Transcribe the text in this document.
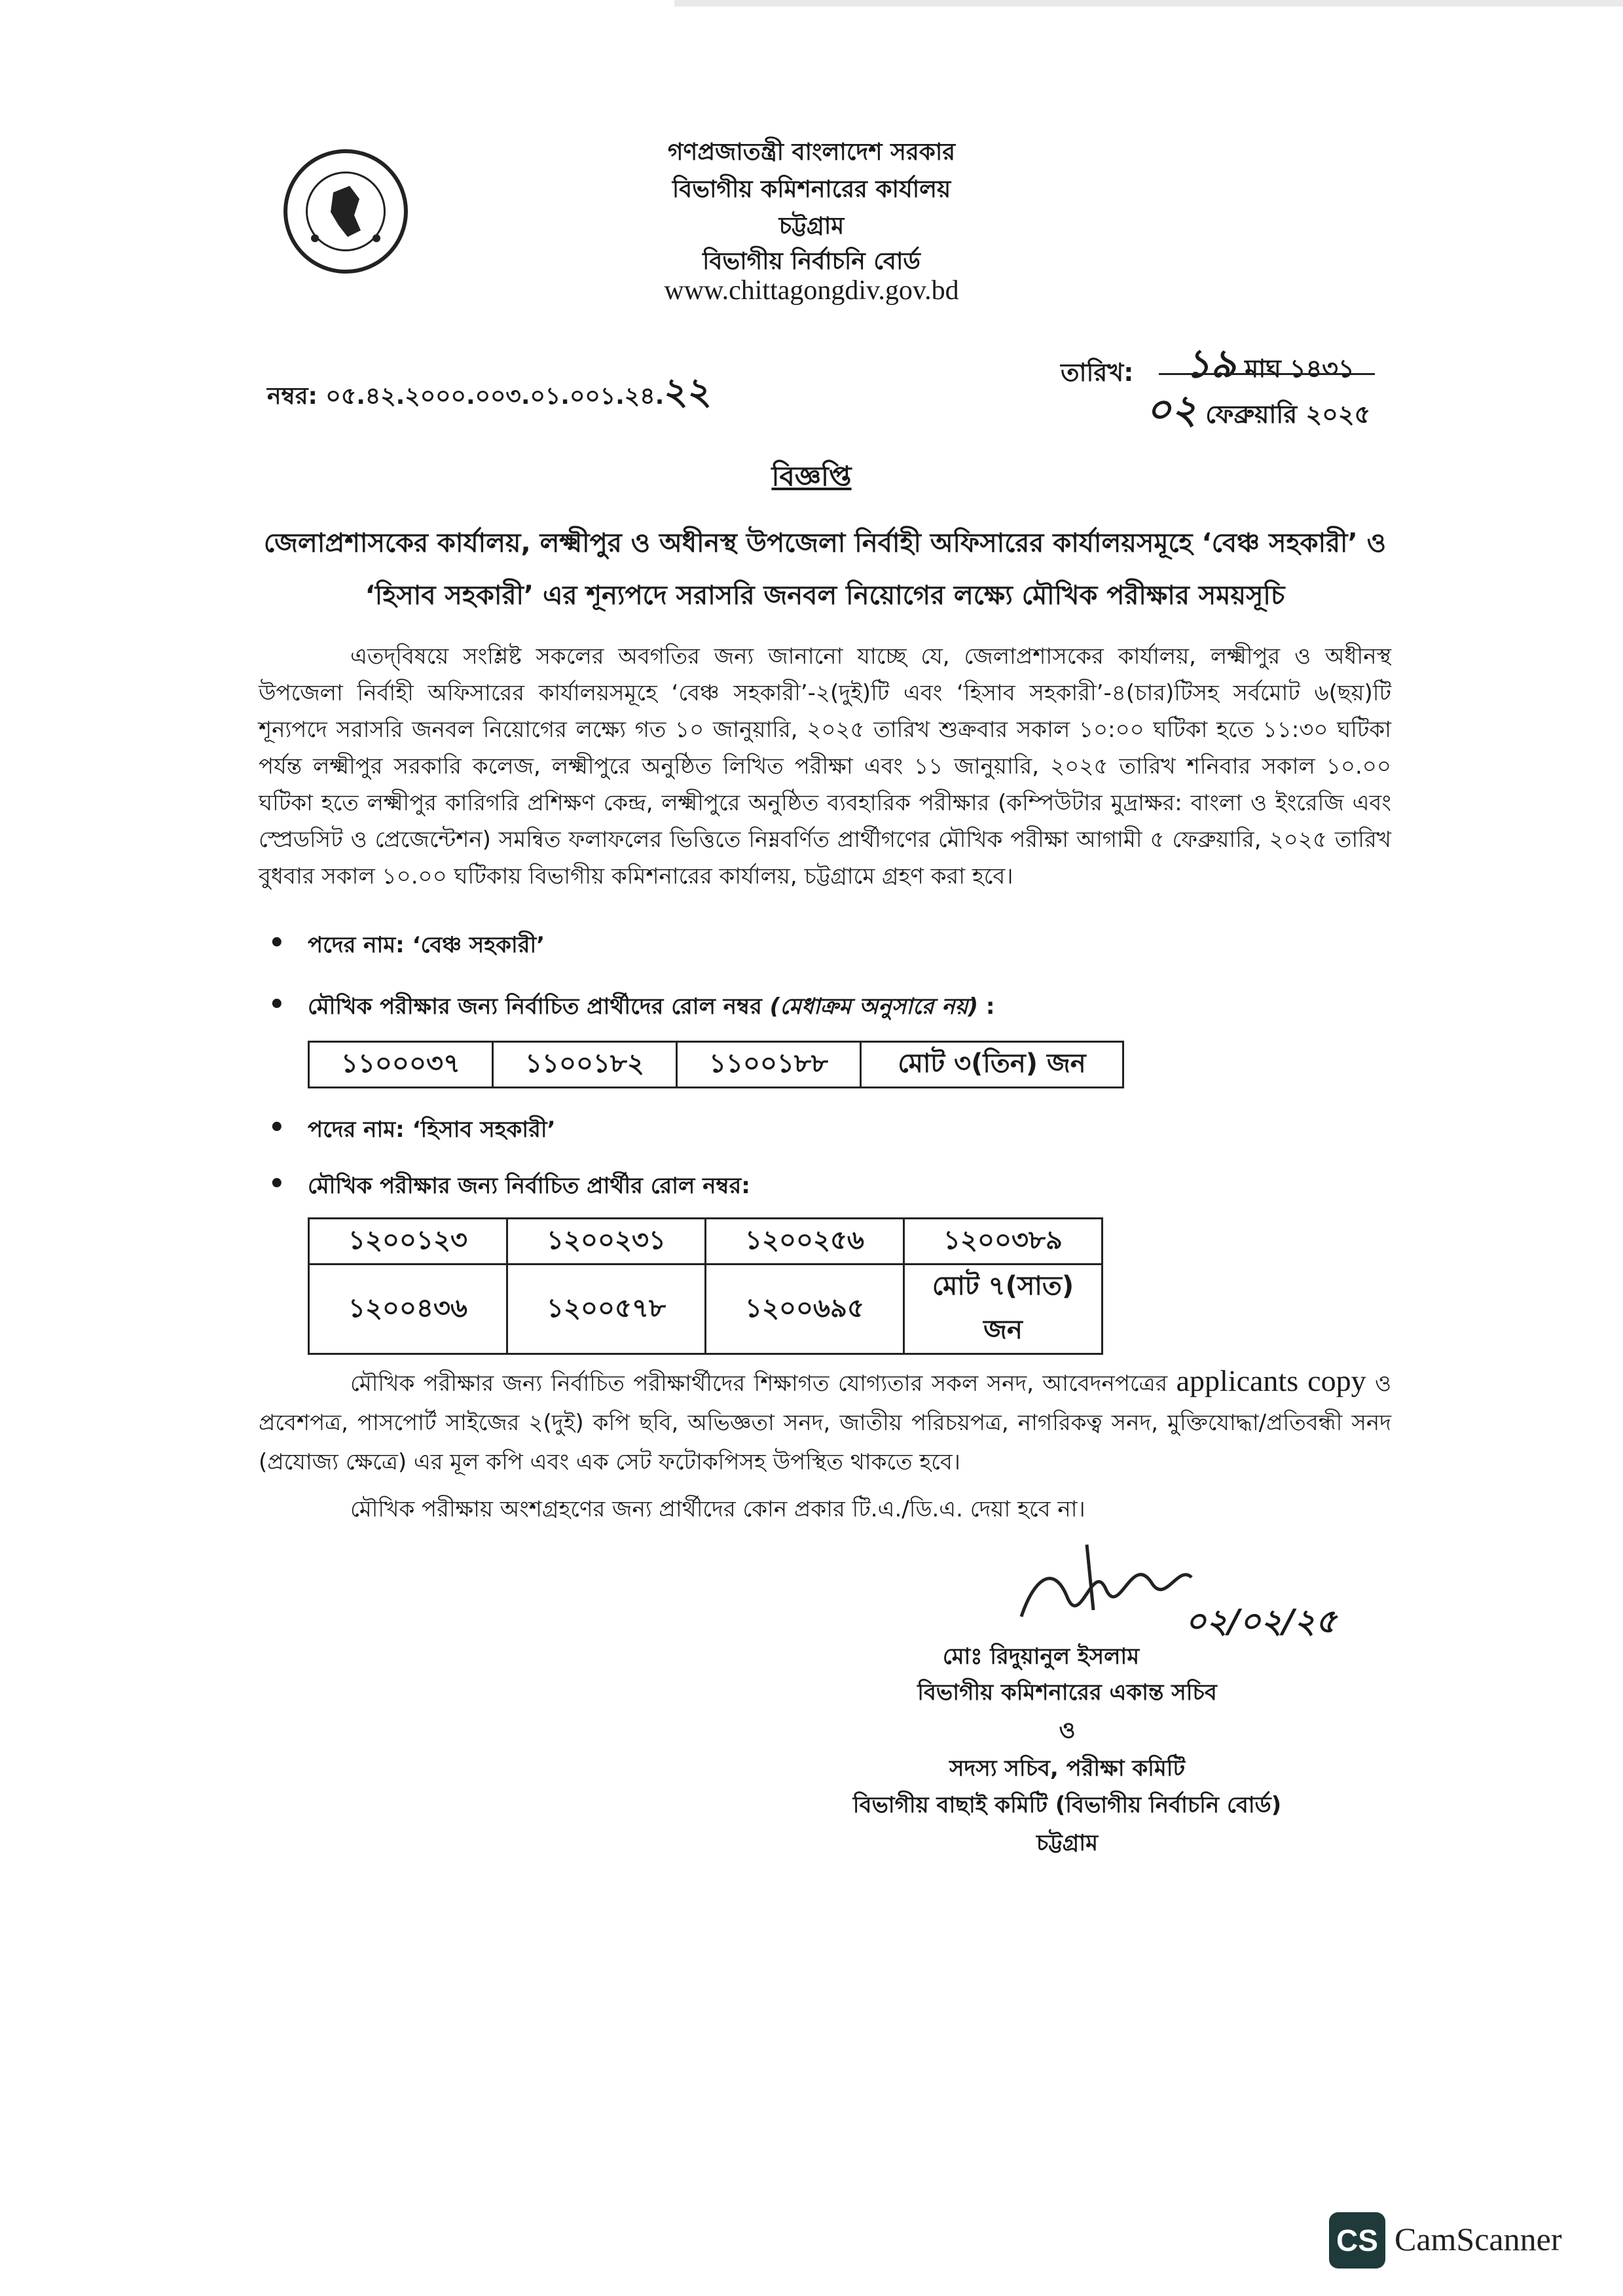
গণপ্রজাতন্ত্রী বাংলাদেশ সরকার
বিভাগীয় কমিশনারের কার্যালয়
চট্টগ্রাম
বিভাগীয় নির্বাচনি বোর্ড
www.chittagongdiv.gov.bd
নম্বর: ০৫.৪২.২০০০.০০৩.০১.০০১.২৪.২২	তারিখ: ১৯ মাঘ ১৪৩১
০২ ফেব্রুয়ারি ২০২৫
বিজ্ঞপ্তি
জেলাপ্রশাসকের কার্যালয়, লক্ষ্মীপুর ও অধীনস্থ উপজেলা নির্বাহী অফিসারের কার্যালয়সমূহে ‘বেঞ্চ সহকারী’ ও
‘হিসাব সহকারী’ এর শূন্যপদে সরাসরি জনবল নিয়োগের লক্ষ্যে মৌখিক পরীক্ষার সময়সূচি
এতদ্‌বিষয়ে সংশ্লিষ্ট সকলের অবগতির জন্য জানানো যাচ্ছে যে, জেলাপ্রশাসকের কার্যালয়, লক্ষ্মীপুর ও অধীনস্থ উপজেলা নির্বাহী অফিসারের কার্যালয়সমূহে ‘বেঞ্চ সহকারী’-২(দুই)টি এবং ‘হিসাব সহকারী’-৪(চার)টিসহ সর্বমোট ৬(ছয়)টি শূন্যপদে সরাসরি জনবল নিয়োগের লক্ষ্যে গত ১০ জানুয়ারি, ২০২৫ তারিখ শুক্রবার সকাল ১০:০০ ঘটিকা হতে ১১:৩০ ঘটিকা পর্যন্ত লক্ষ্মীপুর সরকারি কলেজ, লক্ষ্মীপুরে অনুষ্ঠিত লিখিত পরীক্ষা এবং ১১ জানুয়ারি, ২০২৫ তারিখ শনিবার সকাল ১০.০০ ঘটিকা হতে লক্ষ্মীপুর কারিগরি প্রশিক্ষণ কেন্দ্র, লক্ষ্মীপুরে অনুষ্ঠিত ব্যবহারিক পরীক্ষার (কম্পিউটার মুদ্রাক্ষর: বাংলা ও ইংরেজি এবং স্প্রেডসিট ও প্রেজেন্টেশন) সমন্বিত ফলাফলের ভিত্তিতে নিম্নবর্ণিত প্রার্থীগণের মৌখিক পরীক্ষা আগামী ৫ ফেব্রুয়ারি, ২০২৫ তারিখ বুধবার সকাল ১০.০০ ঘটিকায় বিভাগীয় কমিশনারের কার্যালয়, চট্টগ্রামে গ্রহণ করা হবে।
• পদের নাম: ‘বেঞ্চ সহকারী’
• মৌখিক পরীক্ষার জন্য নির্বাচিত প্রার্থীদের রোল নম্বর (মেধাক্রম অনুসারে নয়) :
১১০০০৩৭	১১০০১৮২	১১০০১৮৮	মোট ৩(তিন) জন
• পদের নাম: ‘হিসাব সহকারী’
• মৌখিক পরীক্ষার জন্য নির্বাচিত প্রার্থীর রোল নম্বর:
১২০০১২৩	১২০০২৩১	১২০০২৫৬	১২০০৩৮৯
১২০০৪৩৬	১২০০৫৭৮	১২০০৬৯৫	মোট ৭(সাত) জন
মৌখিক পরীক্ষার জন্য নির্বাচিত পরীক্ষার্থীদের শিক্ষাগত যোগ্যতার সকল সনদ, আবেদনপত্রের applicants copy ও প্রবেশপত্র, পাসপোর্ট সাইজের ২(দুই) কপি ছবি, অভিজ্ঞতা সনদ, জাতীয় পরিচয়পত্র, নাগরিকত্ব সনদ, মুক্তিযোদ্ধা/প্রতিবন্ধী সনদ (প্রযোজ্য ক্ষেত্রে) এর মূল কপি এবং এক সেট ফটোকপিসহ উপস্থিত থাকতে হবে।
মৌখিক পরীক্ষায় অংশগ্রহণের জন্য প্রার্থীদের কোন প্রকার টি.এ./ডি.এ. দেয়া হবে না।
০২/০২/২৫
মোঃ রিদুয়ানুল ইসলাম
বিভাগীয় কমিশনারের একান্ত সচিব
ও
সদস্য সচিব, পরীক্ষা কমিটি
বিভাগীয় বাছাই কমিটি (বিভাগীয় নির্বাচনি বোর্ড)
চট্টগ্রাম
CS CamScanner
